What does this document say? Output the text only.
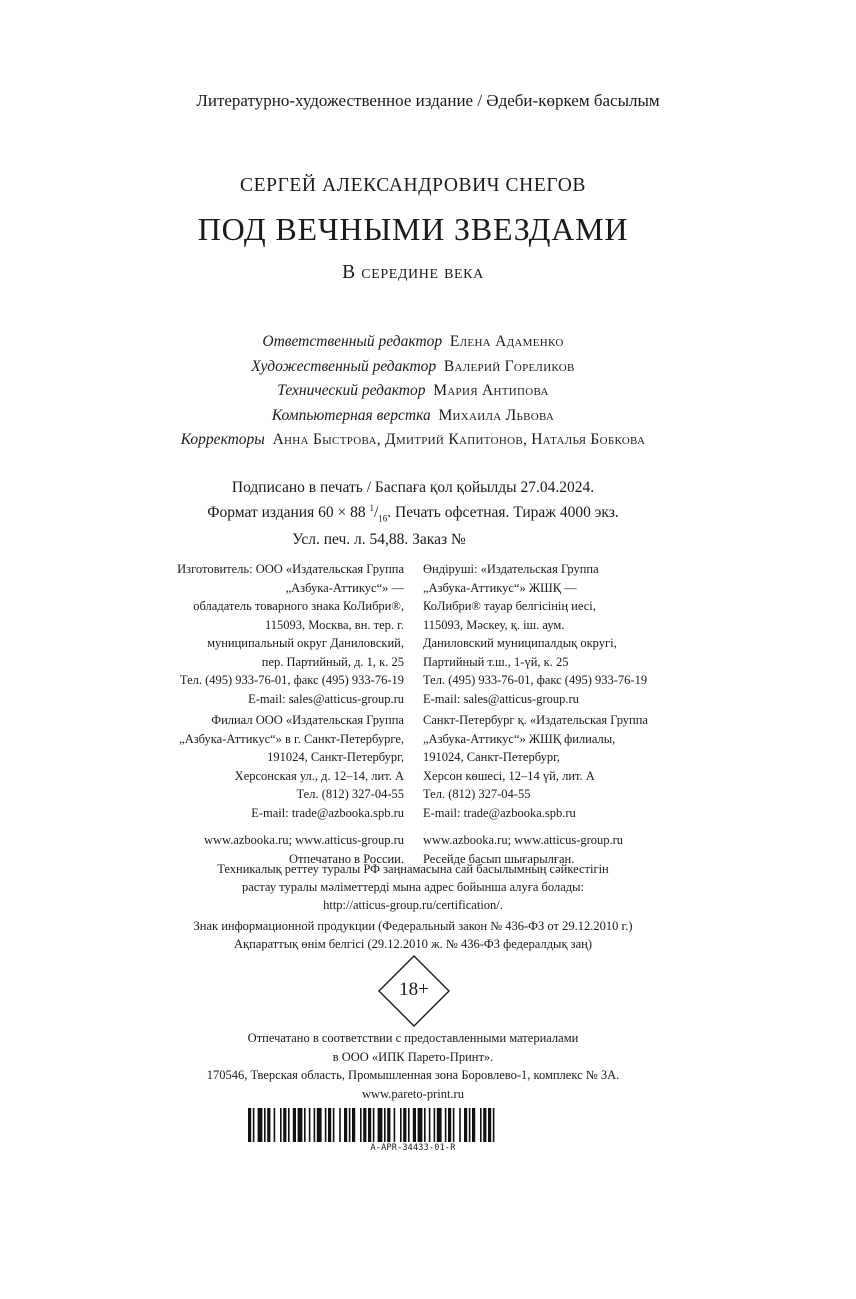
Литературно-художественное издание / Әдеби-көркем басылым
СЕРГЕЙ АЛЕКСАНДРОВИЧ СНЕГОВ
ПОД ВЕЧНЫМИ ЗВЕЗДАМИ
В середине века
Ответственный редактор Елена Адаменко
Художественный редактор Валерий Гореликов
Технический редактор Мария Антипова
Компьютерная верстка Михаила Львова
Корректоры Анна Быстрова, Дмитрий Капитонов, Наталья Бобкова
Подписано в печать / Баспаға қол қойылды 27.04.2024.
Формат издания 60 × 88 $^1/_{16}$. Печать офсетная. Тираж 4000 экз.
Усл. печ. л. 54,88. Заказ №
Изготовитель: ООО «Издательская Группа
„Азбука-Аттикус“» —
обладатель товарного знака КоЛибри®,
115093, Москва, вн. тер. г.
муниципальный округ Даниловский,
пер. Партийный, д. 1, к. 25
Тел. (495) 933-76-01, факс (495) 933-76-19
E-mail: sales@atticus-group.ru
Филиал ООО «Издательская Группа
„Азбука-Аттикус“» в г. Санкт-Петербурге,
191024, Санкт-Петербург,
Херсонская ул., д. 12–14, лит. А
Тел. (812) 327-04-55
E-mail: trade@azbooka.spb.ru
www.azbooka.ru; www.atticus-group.ru
Отпечатано в России.
Өндіруші: «Издательская Группа
„Азбука-Аттикус“» ЖШҚ —
КоЛибри® тауар белгісінің иесі,
115093, Мәскеу, қ. іш. аум.
Даниловский муниципалдық округі,
Партийный т.ш., 1-үй, к. 25
Тел. (495) 933-76-01, факс (495) 933-76-19
E-mail: sales@atticus-group.ru
Санкт-Петербург қ. «Издательская Группа
„Азбука-Аттикус“» ЖШҚ филиалы,
191024, Санкт-Петербург,
Херсон көшесі, 12–14 үй, лит. А
Тел. (812) 327-04-55
E-mail: trade@azbooka.spb.ru
www.azbooka.ru; www.atticus-group.ru
Ресейде басып шығарылған.
Техникалық реттеу туралы РФ заңнамасына сай басылымның сәйкестігін
растау туралы мәліметтерді мына адрес бойынша алуға болады:
http://atticus-group.ru/certification/.
Знак информационной продукции (Федеральный закон № 436-ФЗ от 29.12.2010 г.)
Ақпараттық өнім белгісі (29.12.2010 ж. № 436-ФЗ федералдық заң)
18+
Отпечатано в соответствии с предоставленными материалами
в ООО «ИПК Парето-Принт».
170546, Тверская область, Промышленная зона Боровлево-1, комплекс № 3А.
www.pareto-print.ru
A-APR-34433-01-R
